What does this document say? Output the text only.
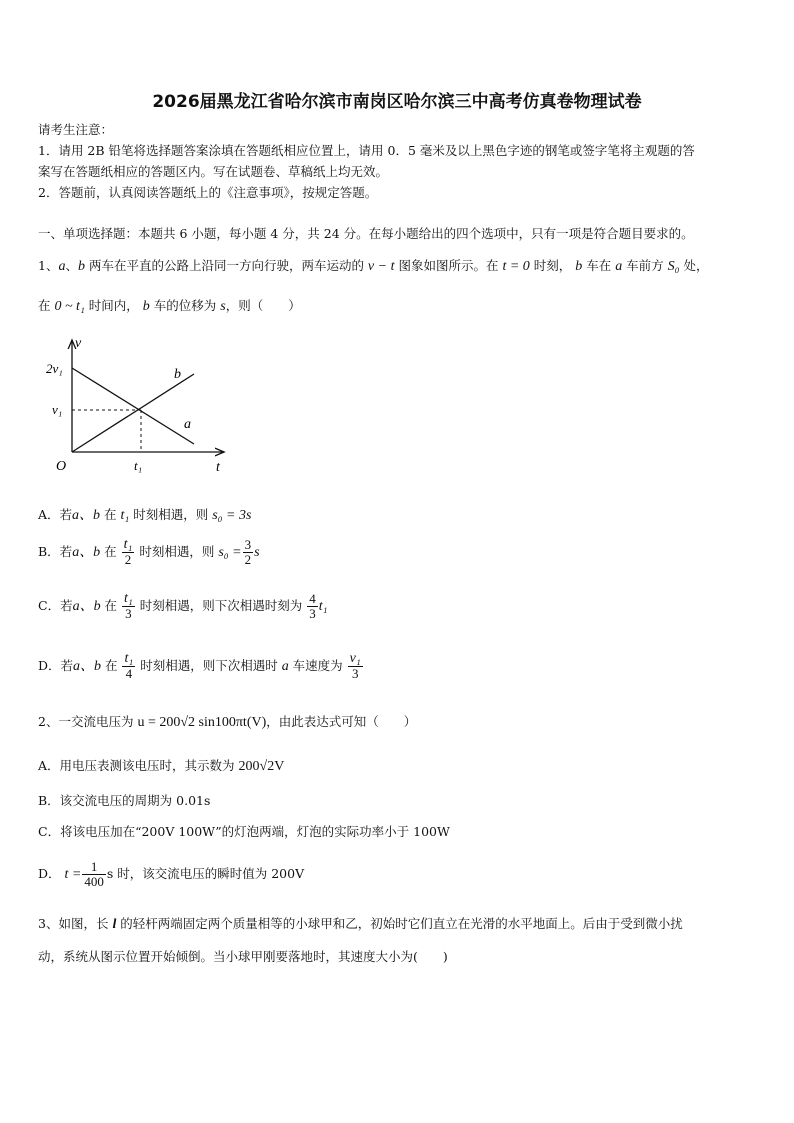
2026届黑龙江省哈尔滨市南岗区哈尔滨三中高考仿真卷物理试卷
请考生注意：
1．请用 2B 铅笔将选择题答案涂填在答题纸相应位置上，请用 0．5 毫米及以上黑色字迹的钢笔或签字笔将主观题的答
案写在答题纸相应的答题区内。写在试题卷、草稿纸上均无效。
2．答题前，认真阅读答题纸上的《注意事项》，按规定答题。
一、单项选择题：本题共 6 小题，每小题 4 分，共 24 分。在每小题给出的四个选项中，只有一项是符合题目要求的。
1、a、b 两车在平直的公路上沿同一方向行驶，两车运动的 v − t 图象如图所示。在 t = 0 时刻， b 车在 a 车前方 S₀ 处，
在 0 ~ t₁ 时间内， b 车的位移为 s，则（　　）
v
t
O
2v₁
v₁
t₁
b
a
A．若a、b 在 t₁ 时刻相遇，则 s₀ = 3s
B．若a、b 在 $\frac{\text{t₁}}{2}$ 时刻相遇，则 $s_0 = \frac{3}{2}$ s
C．若a、b 在 $\frac{\text{t₁}}{3}$ 时刻相遇，则下次相遇时刻为 $\frac{4}{3} t_1$
D．若a、b 在 $\frac{\text{t₁}}{4}$ 时刻相遇，则下次相遇时 a 车速度为 $\frac{\text{v₁}}{3}$
2、一交流电压为 u = 200√2 sin100πt(V)，由此表达式可知（　　）
A．用电压表测该电压时，其示数为 200√2V
B．该交流电压的周期为 0.01s
C．将该电压加在“200V 100W”的灯泡两端，灯泡的实际功率小于 100W
D． $t = \frac{1}{400}$ s 时，该交流电压的瞬时值为 200V
3、如图，长 l 的轻杆两端固定两个质量相等的小球甲和乙，初始时它们直立在光滑的水平地面上。后由于受到微小扰
动，系统从图示位置开始倾倒。当小球甲刚要落地时，其速度大小为(　　)
